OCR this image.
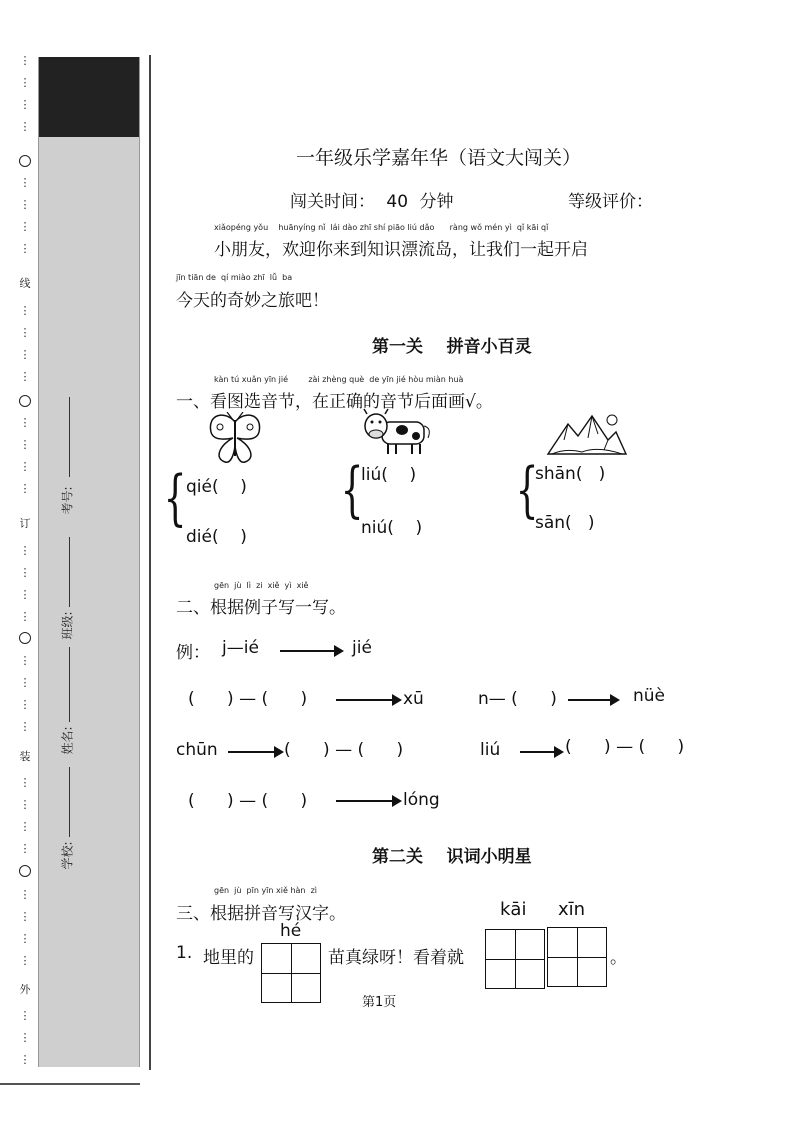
⋮
⋮
⋮
⋮
⋮
⋮
⋮
⋮
线
⋮
⋮
⋮
⋮
⋮
⋮
⋮
⋮
订
⋮
⋮
⋮
⋮
⋮
⋮
⋮
⋮
装
⋮
⋮
⋮
⋮
⋮
⋮
⋮
⋮
外
⋮
⋮
⋮
考号:
班级:
姓名:
学校:
一年级乐学嘉年华（语文大闯关）
闯关时间： 40 分钟	等级评价：
xiǎopéng yǒu    huānyíng nǐ  lái dào zhī shí piāo liú dǎo      ràng wǒ mén yì  qǐ kāi qǐ
小朋友，欢迎你来到知识漂流岛，让我们一起开启
jīn tiān de  qí miào zhī  lǚ  ba
今天的奇妙之旅吧！
第一关    拼音小百灵
kàn tú xuǎn yīn jié        zài zhèng què  de yīn jié hòu miàn huà
一、看图选音节，在正确的音节后面画√。
{ qié(    )
dié(    )
{
liú(    )
niú(    )
{
shān(   )
sān(   )
gēn  jù  lì  zi  xiě  yì  xiě
二、根据例子写一写。
例： j—ié	jié
(      ) — (      )	xū	n— (      )	nüè
chūn	(      ) — (      )	liú	(      ) — (      )
(      ) — (      )	lóng
第二关    识词小明星
gēn  jù  pīn yīn xiě hàn  zì
三、根据拼音写汉字。	kāi xīn
hé
1. 地里的	苗真绿呀！看着就	。
第1页
